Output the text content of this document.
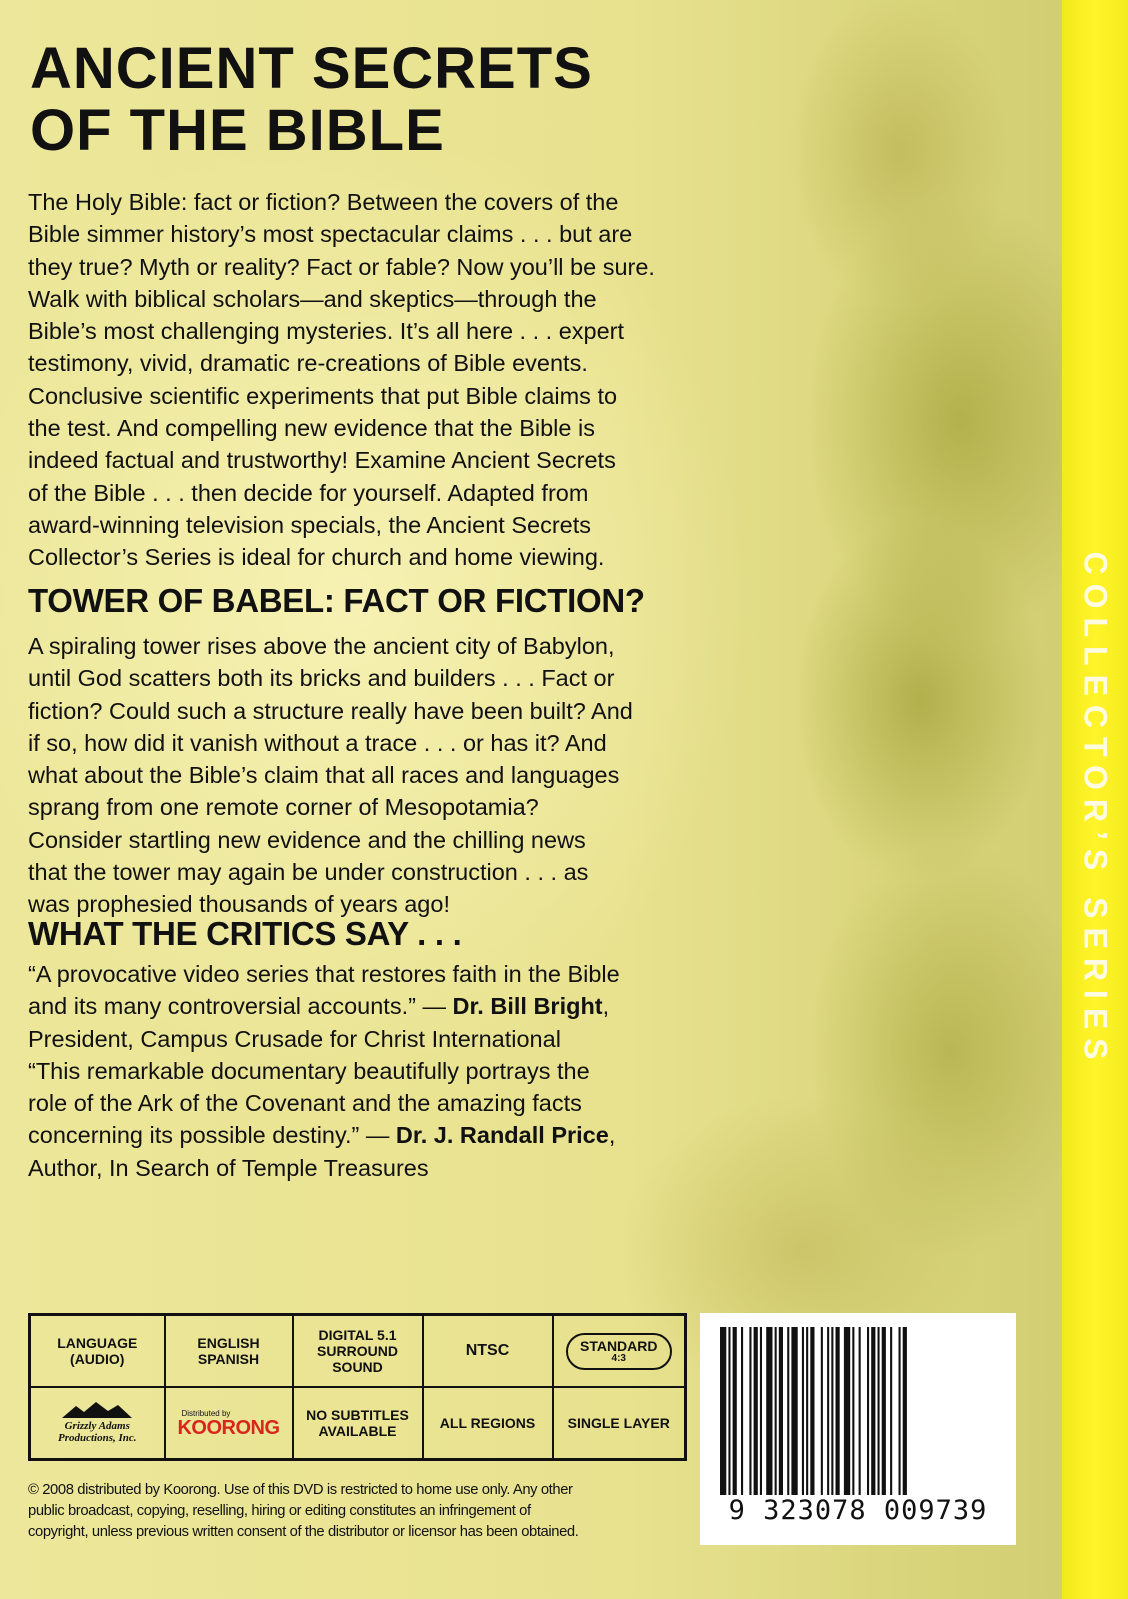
COLLECTOR’S SERIES
ANCIENT SECRETS
OF THE BIBLE
The Holy Bible: fact or fiction? Between the covers of the
Bible simmer history’s most spectacular claims . . . but are
they true? Myth or reality? Fact or fable? Now you’ll be sure.
Walk with biblical scholars—and skeptics—through the
Bible’s most challenging mysteries. It’s all here . . . expert
testimony, vivid, dramatic re-creations of Bible events.
Conclusive scientific experiments that put Bible claims to
the test. And compelling new evidence that the Bible is
indeed factual and trustworthy! Examine Ancient Secrets
of the Bible . . . then decide for yourself. Adapted from
award-winning television specials, the Ancient Secrets
Collector’s Series is ideal for church and home viewing.
TOWER OF BABEL: FACT OR FICTION?
A spiraling tower rises above the ancient city of Babylon,
until God scatters both its bricks and builders . . . Fact or
fiction? Could such a structure really have been built? And
if so, how did it vanish without a trace . . . or has it? And
what about the Bible’s claim that all races and languages
sprang from one remote corner of Mesopotamia?
Consider startling new evidence and the chilling news
that the tower may again be under construction . . . as
was prophesied thousands of years ago!
WHAT THE CRITICS SAY . . .
“A provocative video series that restores faith in the Bible
and its many controversial accounts.” — Dr. Bill Bright,
President, Campus Crusade for Christ International
“This remarkable documentary beautifully portrays the
role of the Ark of the Covenant and the amazing facts
concerning its possible destiny.” — Dr. J. Randall Price,
Author, In Search of Temple Treasures
LANGUAGE
(AUDIO)	ENGLISH
SPANISH	DIGITAL 5.1
SURROUND
SOUND	NTSC	STANDARD
4:3

Grizzly Adams
Productions, Inc.	Distributed by
KOORONG	NO SUBTITLES
AVAILABLE	ALL REGIONS	SINGLE LAYER
© 2008 distributed by Koorong. Use of this DVD is restricted to home use only. Any other
public broadcast, copying, reselling, hiring or editing constitutes an infringement of
copyright, unless previous written consent of the distributor or licensor has been obtained.
9 323078 009739
